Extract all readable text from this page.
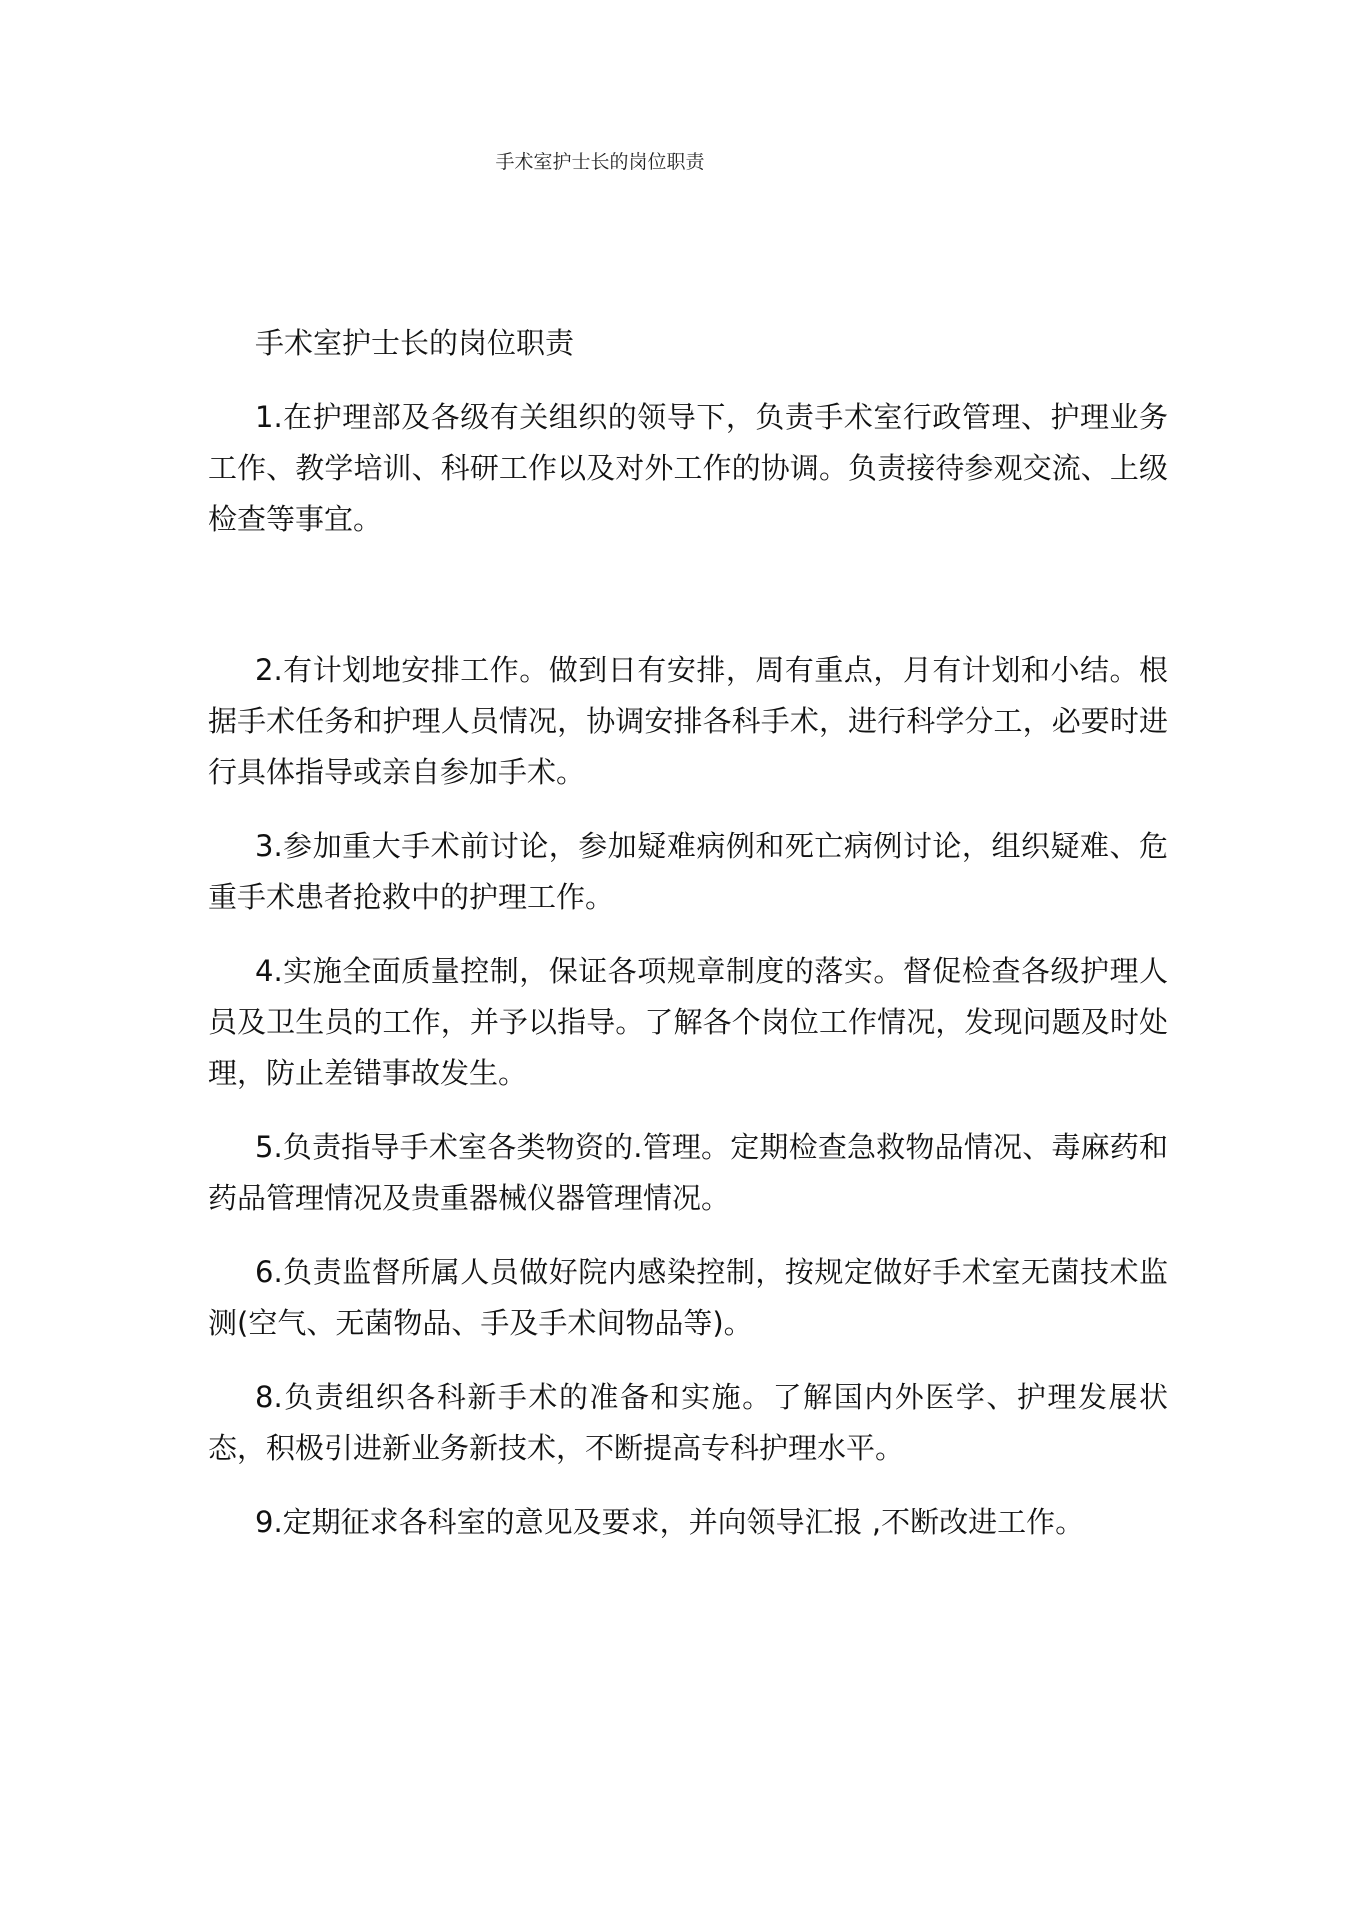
手术室护士长的岗位职责
手术室护士长的岗位职责

1.在护理部及各级有关组织的领导下，负责手术室行政管理、护理业务工作、教学培训、科研工作以及对外工作的协调。负责接待参观交流、上级检查等事宜。

2.有计划地安排工作。做到日有安排，周有重点，月有计划和小结。根据手术任务和护理人员情况，协调安排各科手术，进行科学分工，必要时进行具体指导或亲自参加手术。

3.参加重大手术前讨论，参加疑难病例和死亡病例讨论，组织疑难、危重手术患者抢救中的护理工作。

4.实施全面质量控制，保证各项规章制度的落实。督促检查各级护理人员及卫生员的工作，并予以指导。了解各个岗位工作情况，发现问题及时处理，防止差错事故发生。

5.负责指导手术室各类物资的.管理。定期检查急救物品情况、毒麻药和药品管理情况及贵重器械仪器管理情况。

6.负责监督所属人员做好院内感染控制，按规定做好手术室无菌技术监测(空气、无菌物品、手及手术间物品等)。

8.负责组织各科新手术的准备和实施。了解国内外医学、护理发展状态，积极引进新业务新技术，不断提高专科护理水平。

9.定期征求各科室的意见及要求，并向领导汇报 ,不断改进工作。
